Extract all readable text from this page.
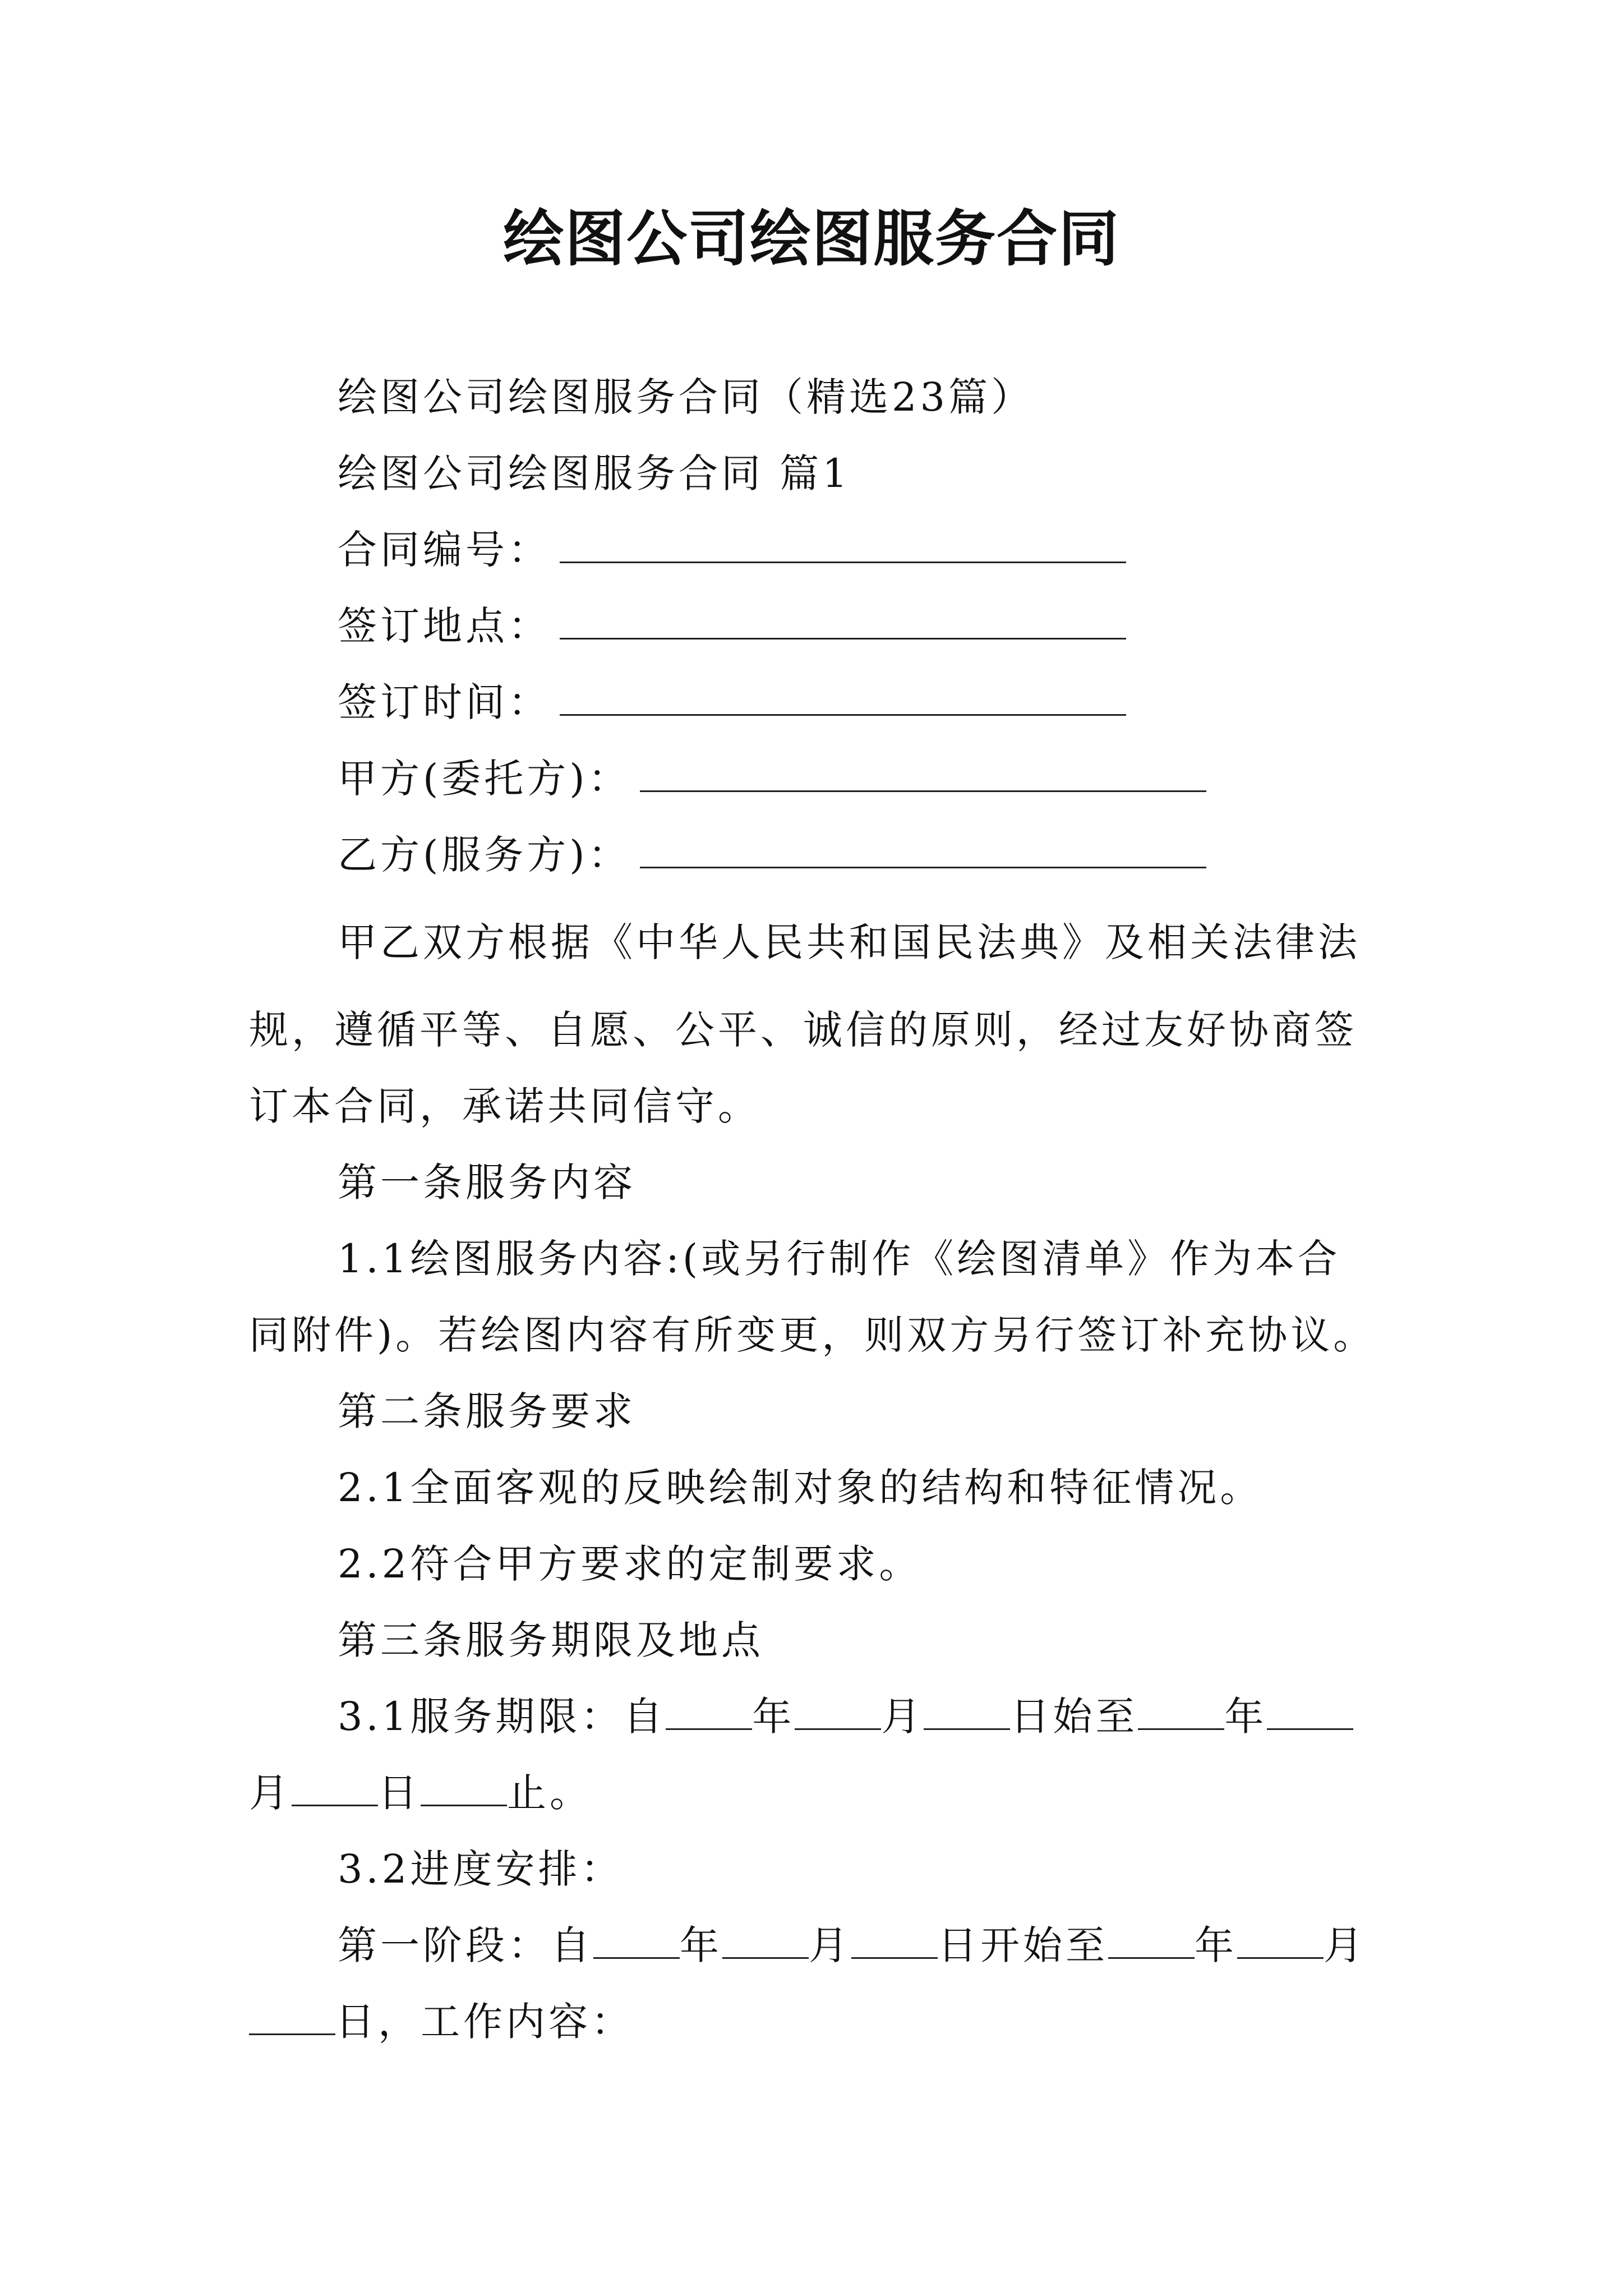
绘图公司绘图服务合同
绘图公司绘图服务合同（精选23篇）
绘图公司绘图服务合同 篇1
合同编号：
签订地点：
签订时间：
甲方(委托方)：
乙方(服务方)：
甲乙双方根据《中华人民共和国民法典》及相关法律法
规，遵循平等、自愿、公平、诚信的原则，经过友好协商签
订本合同，承诺共同信守。
第一条服务内容
1.1绘图服务内容:(或另行制作《绘图清单》作为本合
同附件)。若绘图内容有所变更，则双方另行签订补充协议。
第二条服务要求
2.1全面客观的反映绘制对象的结构和特征情况。
2.2符合甲方要求的定制要求。
第三条服务期限及地点
3.1服务期限：自 年 月 日始至 年
月 日 止。
3.2进度安排：
第一阶段：自 年 月 日开始至 年 月
日，工作内容：
